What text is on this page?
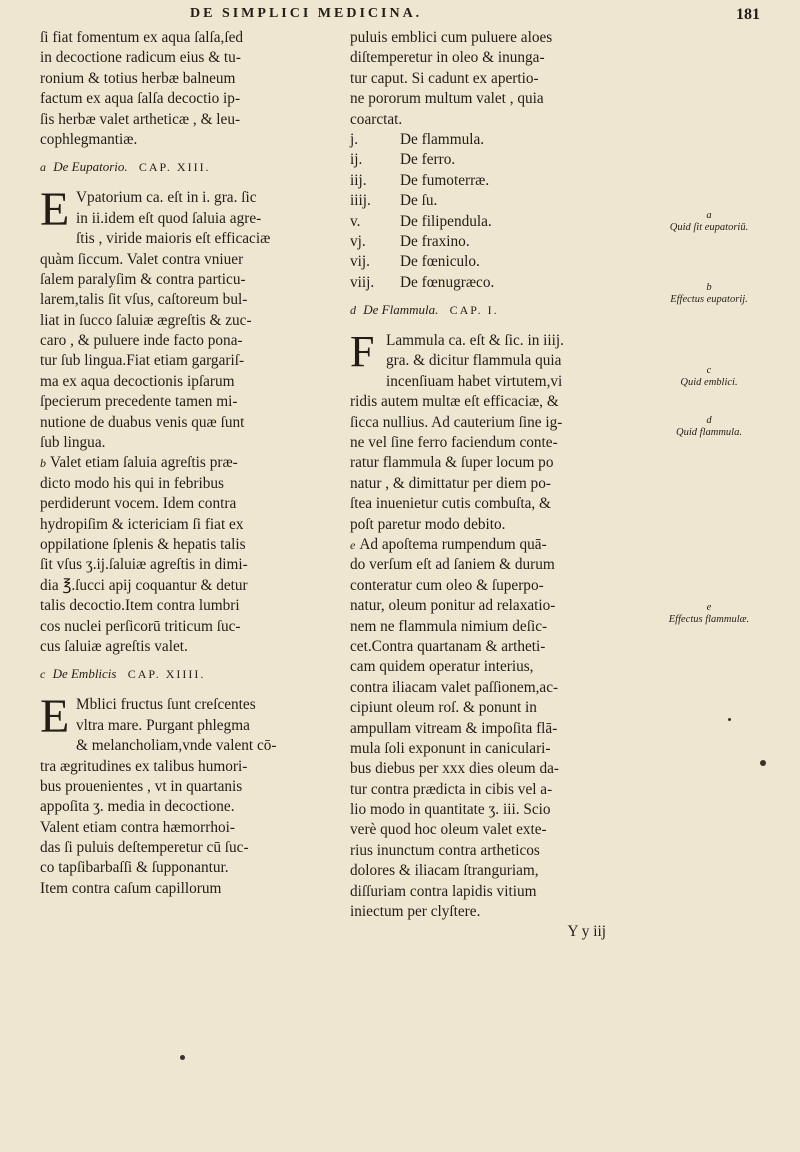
DE SIMPLICI MEDICINA.	181
ſi fiat fomentum ex aqua ſalſa,ſed
in decoctione radicum eius & tu-
ronium & totius herbæ balneum
factum ex aqua ſalſa decoctio ip-
ſis herbæ valet artheticæ , & leu-
cophlegmantiæ.
a De Eupatorio. CAP. XIII.
E Vpatorium ca. eſt in i. gra. ſic
in ii.idem eſt quod ſaluia agre-
ſtis , viride maioris eſt efficaciæ
quàm ſiccum. Valet contra vniuer
ſalem paralyſim & contra particu-
larem,talis ſit vſus, caſtoreum bul-
liat in ſucco ſaluiæ ægreſtis & zuc-
caro , & puluere inde facto pona-
tur ſub lingua.Fiat etiam gargariſ-
ma ex aqua decoctionis ipſarum
ſpecierum precedente tamen mi-
nutione de duabus venis quæ ſunt
ſub lingua.
b Valet etiam ſaluia agreſtis præ-
dicto modo his qui in febribus
perdiderunt vocem. Idem contra
hydropiſim & ictericiam ſi fiat ex
oppilatione ſplenis & hepatis talis
ſit vſus ʒ.ij.ſaluiæ agreſtis in dimi-
dia ℥.ſucci apij coquantur & detur
talis decoctio.Item contra lumbri
cos nuclei perſicorū triticum ſuc-
cus ſaluiæ agreſtis valet.
c De Emblicis CAP. XIIII.
E Mblici fructus ſunt creſcentes
vltra mare. Purgant phlegma
& melancholiam,vnde valent cō-
tra ægritudines ex talibus humori-
bus prouenientes , vt in quartanis
appoſita ʒ. media in decoctione.
Valent etiam contra hæmorrhoi-
das ſi puluis deſtemperetur cū ſuc-
co tapſibarbaſſi & ſupponantur.
Item contra caſum capillorum
puluis emblici cum puluere aloes
diſtemperetur in oleo & inunga-
tur caput. Si cadunt ex apertio-
ne pororum multum valet , quia
coarctat.
j.	De flammula.
ij. De ferro.
iij. De fumoterræ.
iiij. De ſu.
v.	De filipendula.
vj. De fraxino.
vij. De fœniculo.
viij. De fœnugræco.
d De Flammula. CAP. I.
F Lammula ca. eſt & ſic. in iiij.
gra. & dicitur flammula quia
incenſiuam habet virtutem,vi
ridis autem multæ eſt efficaciæ, &
ſicca nullius. Ad cauterium ſine ig-
ne vel ſine ferro faciendum conte-
ratur flammula & ſuper locum po
natur , & dimittatur per diem po-
ſtea inuenietur cutis combuſta, &
poſt paretur modo debito.
e Ad apoſtema rumpendum quā-
do verſum eſt ad ſaniem & durum
conteratur cum oleo & ſuperpo-
natur, oleum ponitur ad relaxatio-
nem ne flammula nimium deſic-
cet.Contra quartanam & artheti-
cam quidem operatur interius,
contra iliacam valet paſſionem,ac-
cipiunt oleum roſ. & ponunt in
ampullam vitream & impoſita flā-
mula ſoli exponunt in caniculari-
bus diebus per xxx dies oleum da-
tur contra prædicta in cibis vel a-
lio modo in quantitate ʒ. iii. Scio
verè quod hoc oleum valet exte-
rius inunctum contra artheticos
dolores & iliacam ſtranguriam,
diſſuriam contra lapidis vitium
iniectum per clyſtere.
Y y iij
a
Quid ſit eupatoriū.
b
Effectus eupatorij.
c
Quid emblici.
d
Quid flammula.
e
Effectus flammulæ.
